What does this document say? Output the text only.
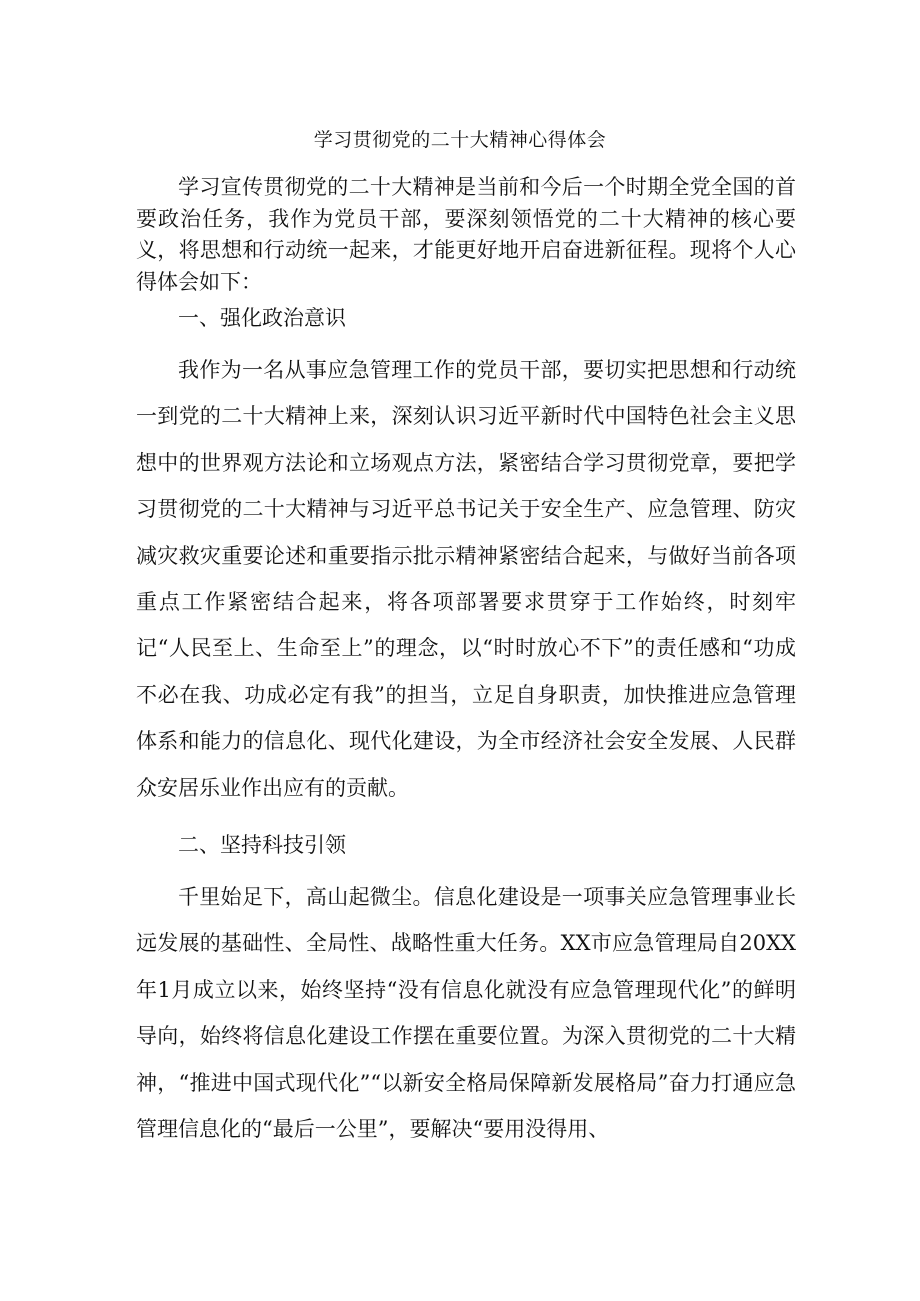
学习贯彻党的二十大精神心得体会

学习宣传贯彻党的二十大精神是当前和今后一个时期全党全国的首要政治任务，我作为党员干部，要深刻领悟党的二十大精神的核心要义，将思想和行动统一起来，才能更好地开启奋进新征程。现将个人心得体会如下：

一、强化政治意识

我作为一名从事应急管理工作的党员干部，要切实把思想和行动统一到党的二十大精神上来，深刻认识习近平新时代中国特色社会主义思想中的世界观方法论和立场观点方法，紧密结合学习贯彻党章，要把学习贯彻党的二十大精神与习近平总书记关于安全生产、应急管理、防灾减灾救灾重要论述和重要指示批示精神紧密结合起来，与做好当前各项重点工作紧密结合起来，将各项部署要求贯穿于工作始终，时刻牢记“人民至上、生命至上”的理念，以“时时放心不下”的责任感和“功成不必在我、功成必定有我”的担当，立足自身职责，加快推进应急管理体系和能力的信息化、现代化建设，为全市经济社会安全发展、人民群众安居乐业作出应有的贡献。

二、坚持科技引领

千里始足下，高山起微尘。信息化建设是一项事关应急管理事业长远发展的基础性、全局性、战略性重大任务。XX市应急管理局自20XX年1月成立以来，始终坚持“没有信息化就没有应急管理现代化”的鲜明导向，始终将信息化建设工作摆在重要位置。为深入贯彻党的二十大精神，“推进中国式现代化”“以新安全格局保障新发展格局”奋力打通应急管理信息化的“最后一公里”，要解决“要用没得用、
